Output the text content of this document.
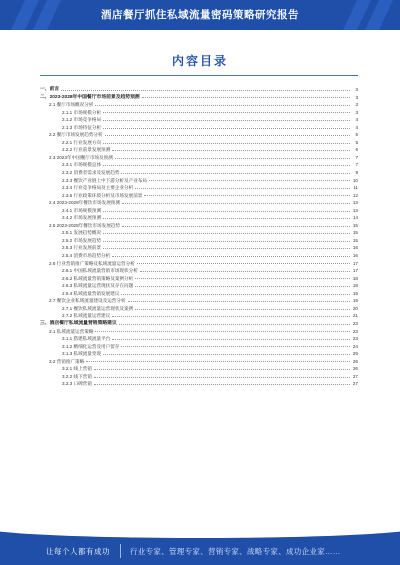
酒店餐厅抓住私域流量密码策略研究报告
内容目录
一、前言	3
二、2023-2028年中国餐厅市场前景及趋势预测	3
2.1 餐厅市场概况分析	3
2.1.1 市场规模分析	3
2.1.2 市场竞争格局	4
2.1.3 市场特征分析	4
2.2 餐厅市场发展趋势分析	5
2.2.1 行业发展方向	5
2.2.2 行业前景发展预测	6
2.3 2023年中国餐厅市场及预测	7
2.3.1 市场规模总体	7
2.3.2 消费者需求及发展趋势	9
2.3.3 餐饮产业链上中下游分析及产业布局	10
2.3.4 行业竞争格局及主要企业分析	11
2.3.5 行业政策环境分析及市场发展前景	12
2.4 2023-2028年餐饮市场发展预测	13
2.4.1 市场规模预测	13
2.4.2 市场发展预测	14
2.5 2023-2028年餐饮市场发展趋势	15
2.5.1 发展趋势概况	15
2.5.2 市场发展趋势	15
2.5.3 行业发展前景	16
2.5.4 消费市场趋势分析	16
2.6 行业营销推广策略及私域流量运营分析	17
2.6.1 中国私域流量营销市场现状分析	17
2.6.2 私域流量营销策略及案例分析	18
2.6.3 私域流量运营现状及存在问题	18
2.6.4 私域流量营销发展建议	19
2.7 餐饮企业私域流量建设及运营分析	19
2.7.1 餐饮私域流量运营现状及案例	20
2.7.2 私域流量运营建议	21
三、酒店餐厅私域流量营销策略建议	23
3.1 私域流量运营策略	23
3.1.1 搭建私域流量平台	23
3.1.2 精细化运营及用户留存	24
3.1.3 私域流量变现	25
3.2 营销推广策略	26
3.2.1 线上营销	26
3.2.2 线下营销	27
3.2.3 口碑营销	27
让每个人都有成功	行业专家、管理专家、营销专家、战略专家、成功企业家……
